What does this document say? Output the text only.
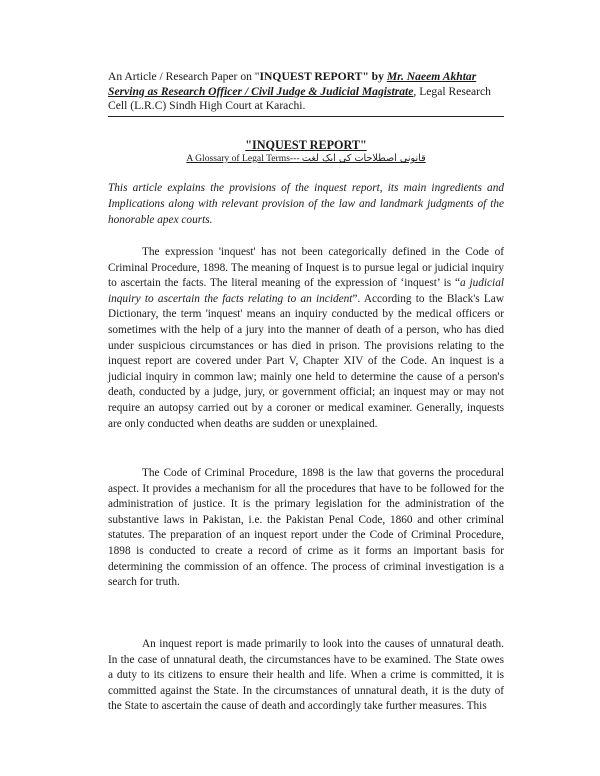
An Article / Research Paper on "INQUEST REPORT" by Mr. Naeem Akhtar Serving as Research Officer / Civil Judge & Judicial Magistrate, Legal Research Cell (L.R.C) Sindh High Court at Karachi.
"INQUEST REPORT"
A Glossary of Legal Terms--- قانونی اصطلاحات کی ایک لغت
This article explains the provisions of the inquest report, its main ingredients and Implications along with relevant provision of the law and landmark judgments of the honorable apex courts.
The expression 'inquest' has not been categorically defined in the Code of Criminal Procedure, 1898. The meaning of Inquest is to pursue legal or judicial inquiry to ascertain the facts. The literal meaning of the expression of ‘inquest’ is “a judicial inquiry to ascertain the facts relating to an incident”. According to the Black's Law Dictionary, the term 'inquest' means an inquiry conducted by the medical officers or sometimes with the help of a jury into the manner of death of a person, who has died under suspicious circumstances or has died in prison. The provisions relating to the inquest report are covered under Part V, Chapter XIV of the Code. An inquest is a judicial inquiry in common law; mainly one held to determine the cause of a person's death, conducted by a judge, jury, or government official; an inquest may or may not require an autopsy carried out by a coroner or medical examiner. Generally, inquests are only conducted when deaths are sudden or unexplained.
The Code of Criminal Procedure, 1898 is the law that governs the procedural aspect. It provides a mechanism for all the procedures that have to be followed for the administration of justice. It is the primary legislation for the administration of the substantive laws in Pakistan, i.e. the Pakistan Penal Code, 1860 and other criminal statutes. The preparation of an inquest report under the Code of Criminal Procedure, 1898 is conducted to create a record of crime as it forms an important basis for determining the commission of an offence. The process of criminal investigation is a search for truth.
An inquest report is made primarily to look into the causes of unnatural death. In the case of unnatural death, the circumstances have to be examined. The State owes a duty to its citizens to ensure their health and life. When a crime is committed, it is committed against the State. In the circumstances of unnatural death, it is the duty of the State to ascertain the cause of death and accordingly take further measures. This
